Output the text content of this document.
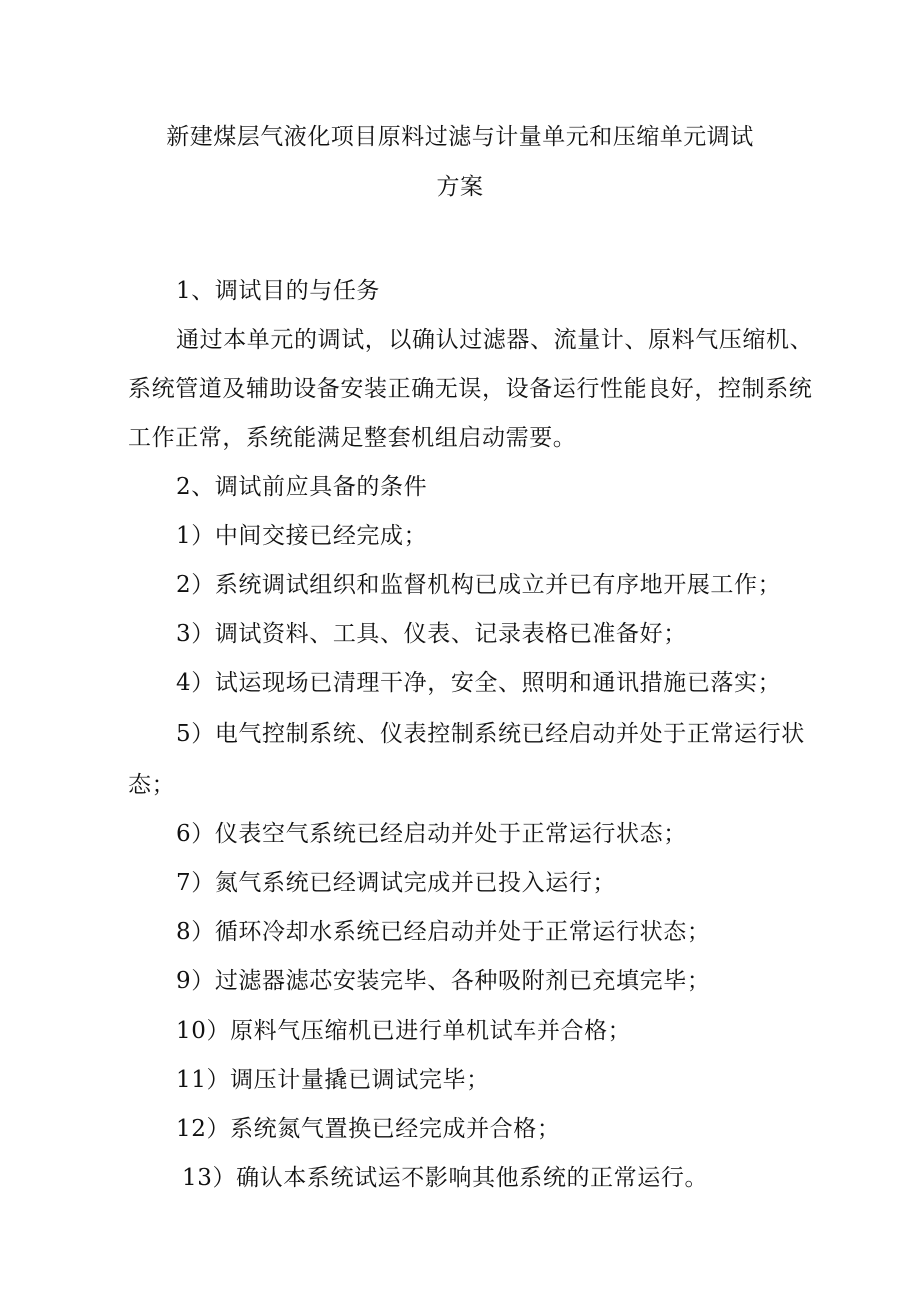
新建煤层气液化项目原料过滤与计量单元和压缩单元调试
方案
1、调试目的与任务
通过本单元的调试，以确认过滤器、流量计、原料气压缩机、
系统管道及辅助设备安装正确无误，设备运行性能良好，控制系统
工作正常，系统能满足整套机组启动需要。
2、调试前应具备的条件
1）中间交接已经完成；
2）系统调试组织和监督机构已成立并已有序地开展工作；
3）调试资料、工具、仪表、记录表格已准备好；
4）试运现场已清理干净，安全、照明和通讯措施已落实；
5）电气控制系统、仪表控制系统已经启动并处于正常运行状
态；
6）仪表空气系统已经启动并处于正常运行状态；
7）氮气系统已经调试完成并已投入运行；
8）循环冷却水系统已经启动并处于正常运行状态；
9）过滤器滤芯安装完毕、各种吸附剂已充填完毕；
10）原料气压缩机已进行单机试车并合格；
11）调压计量撬已调试完毕；
12）系统氮气置换已经完成并合格；
13）确认本系统试运不影响其他系统的正常运行。
